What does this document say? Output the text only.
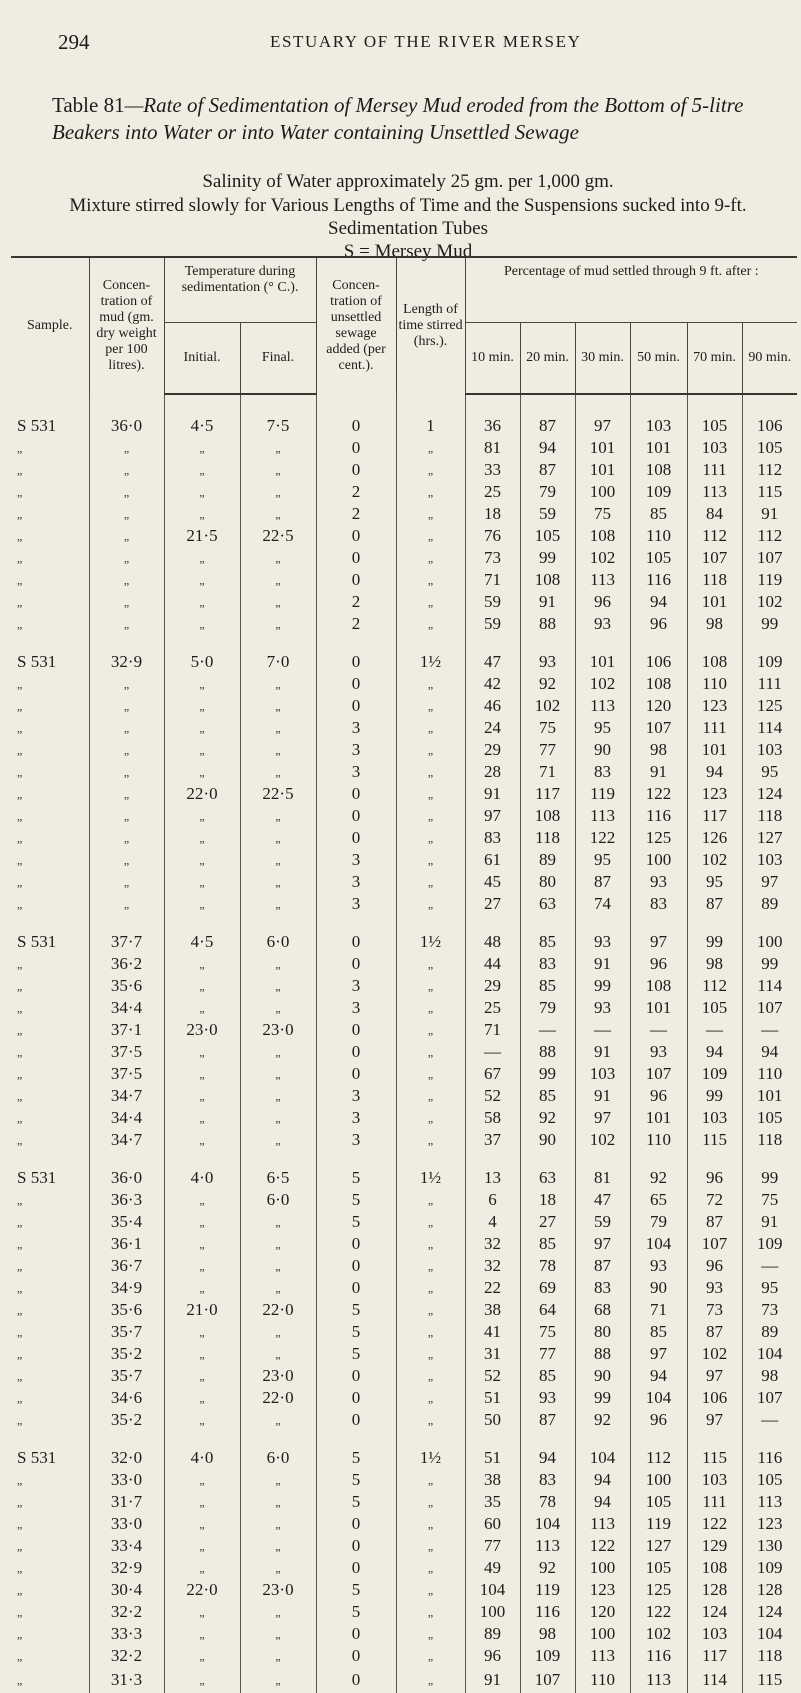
294	ESTUARY OF THE RIVER MERSEY
Table 81—Rate of Sedimentation of Mersey Mud eroded from the Bottom of 5-litre Beakers into Water or into Water containing Unsettled Sewage
Salinity of Water approximately 25 gm. per 1,000 gm.
Mixture stirred slowly for Various Lengths of Time and the Suspensions sucked into 9-ft.
Sedimentation Tubes
S = Mersey Mud
Sample.	Concen-tration of mud (gm. dry weight per 100 litres).	Temperature during sedimentation (° C.).		Concen-tration of unsettled sewage added (per cent.).	Length of time stirred (hrs.).	Percentage of mud settled through 9 ft. after :					
		Initial.	Final.			10 min.	20 min.	30 min.	50 min.	70 min.	90 min.
S 531	36·0	4·5	7·5	0	1	36	87	97	103	105	106
„	„	„	„	0	„	81	94	101	101	103	105
„	„	„	„	0	„	33	87	101	108	111	112
„	„	„	„	2	„	25	79	100	109	113	115
„	„	„	„	2	„	18	59	75	85	84	91
„	„	21·5	22·5	0	„	76	105	108	110	112	112
„	„	„	„	0	„	73	99	102	105	107	107
„	„	„	„	0	„	71	108	113	116	118	119
„	„	„	„	2	„	59	91	96	94	101	102
„	„	„	„	2	„	59	88	93	96	98	99
S 531	32·9	5·0	7·0	0	1½	47	93	101	106	108	109
„	„	„	„	0	„	42	92	102	108	110	111
„	„	„	„	0	„	46	102	113	120	123	125
„	„	„	„	3	„	24	75	95	107	111	114
„	„	„	„	3	„	29	77	90	98	101	103
„	„	„	„	3	„	28	71	83	91	94	95
„	„	22·0	22·5	0	„	91	117	119	122	123	124
„	„	„	„	0	„	97	108	113	116	117	118
„	„	„	„	0	„	83	118	122	125	126	127
„	„	„	„	3	„	61	89	95	100	102	103
„	„	„	„	3	„	45	80	87	93	95	97
„	„	„	„	3	„	27	63	74	83	87	89
S 531	37·7	4·5	6·0	0	1½	48	85	93	97	99	100
„	36·2	„	„	0	„	44	83	91	96	98	99
„	35·6	„	„	3	„	29	85	99	108	112	114
„	34·4	„	„	3	„	25	79	93	101	105	107
„	37·1	23·0	23·0	0	„	71	—	—	—	—	—
„	37·5	„	„	0	„	—	88	91	93	94	94
„	37·5	„	„	0	„	67	99	103	107	109	110
„	34·7	„	„	3	„	52	85	91	96	99	101
„	34·4	„	„	3	„	58	92	97	101	103	105
„	34·7	„	„	3	„	37	90	102	110	115	118
S 531	36·0	4·0	6·5	5	1½	13	63	81	92	96	99
„	36·3	„	6·0	5	„	6	18	47	65	72	75
„	35·4	„	„	5	„	4	27	59	79	87	91
„	36·1	„	„	0	„	32	85	97	104	107	109
„	36·7	„	„	0	„	32	78	87	93	96	—
„	34·9	„	„	0	„	22	69	83	90	93	95
„	35·6	21·0	22·0	5	„	38	64	68	71	73	73
„	35·7	„	„	5	„	41	75	80	85	87	89
„	35·2	„	„	5	„	31	77	88	97	102	104
„	35·7	„	23·0	0	„	52	85	90	94	97	98
„	34·6	„	22·0	0	„	51	93	99	104	106	107
„	35·2	„	„	0	„	50	87	92	96	97	—
S 531	32·0	4·0	6·0	5	1½	51	94	104	112	115	116
„	33·0	„	„	5	„	38	83	94	100	103	105
„	31·7	„	„	5	„	35	78	94	105	111	113
„	33·0	„	„	0	„	60	104	113	119	122	123
„	33·4	„	„	0	„	77	113	122	127	129	130
„	32·9	„	„	0	„	49	92	100	105	108	109
„	30·4	22·0	23·0	5	„	104	119	123	125	128	128
„	32·2	„	„	5	„	100	116	120	122	124	124
„	33·3	„	„	0	„	89	98	100	102	103	104
„	32·2	„	„	0	„	96	109	113	116	117	118
„	31·3	„	„	0	„	91	107	110	113	114	115
